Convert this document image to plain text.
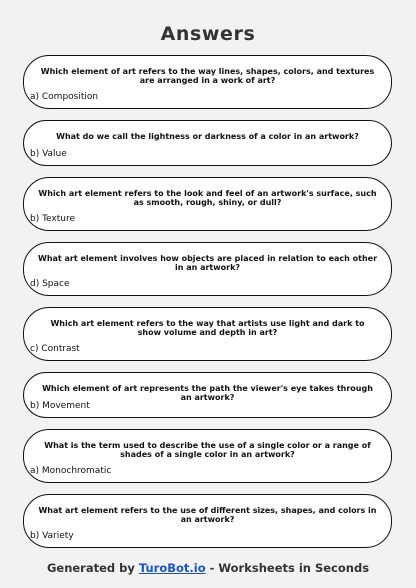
Answers
Which element of art refers to the way lines, shapes, colors, and textures are arranged in a work of art?
a) Composition
What do we call the lightness or darkness of a color in an artwork?
b) Value
Which art element refers to the look and feel of an artwork's surface, such as smooth, rough, shiny, or dull?
b) Texture
What art element involves how objects are placed in relation to each other in an artwork?
d) Space
Which art element refers to the way that artists use light and dark to show volume and depth in art?
c) Contrast
Which element of art represents the path the viewer's eye takes through an artwork?
b) Movement
What is the term used to describe the use of a single color or a range of shades of a single color in an artwork?
a) Monochromatic
What art element refers to the use of different sizes, shapes, and colors in an artwork?
b) Variety
Generated by TuroBot.io - Worksheets in Seconds
